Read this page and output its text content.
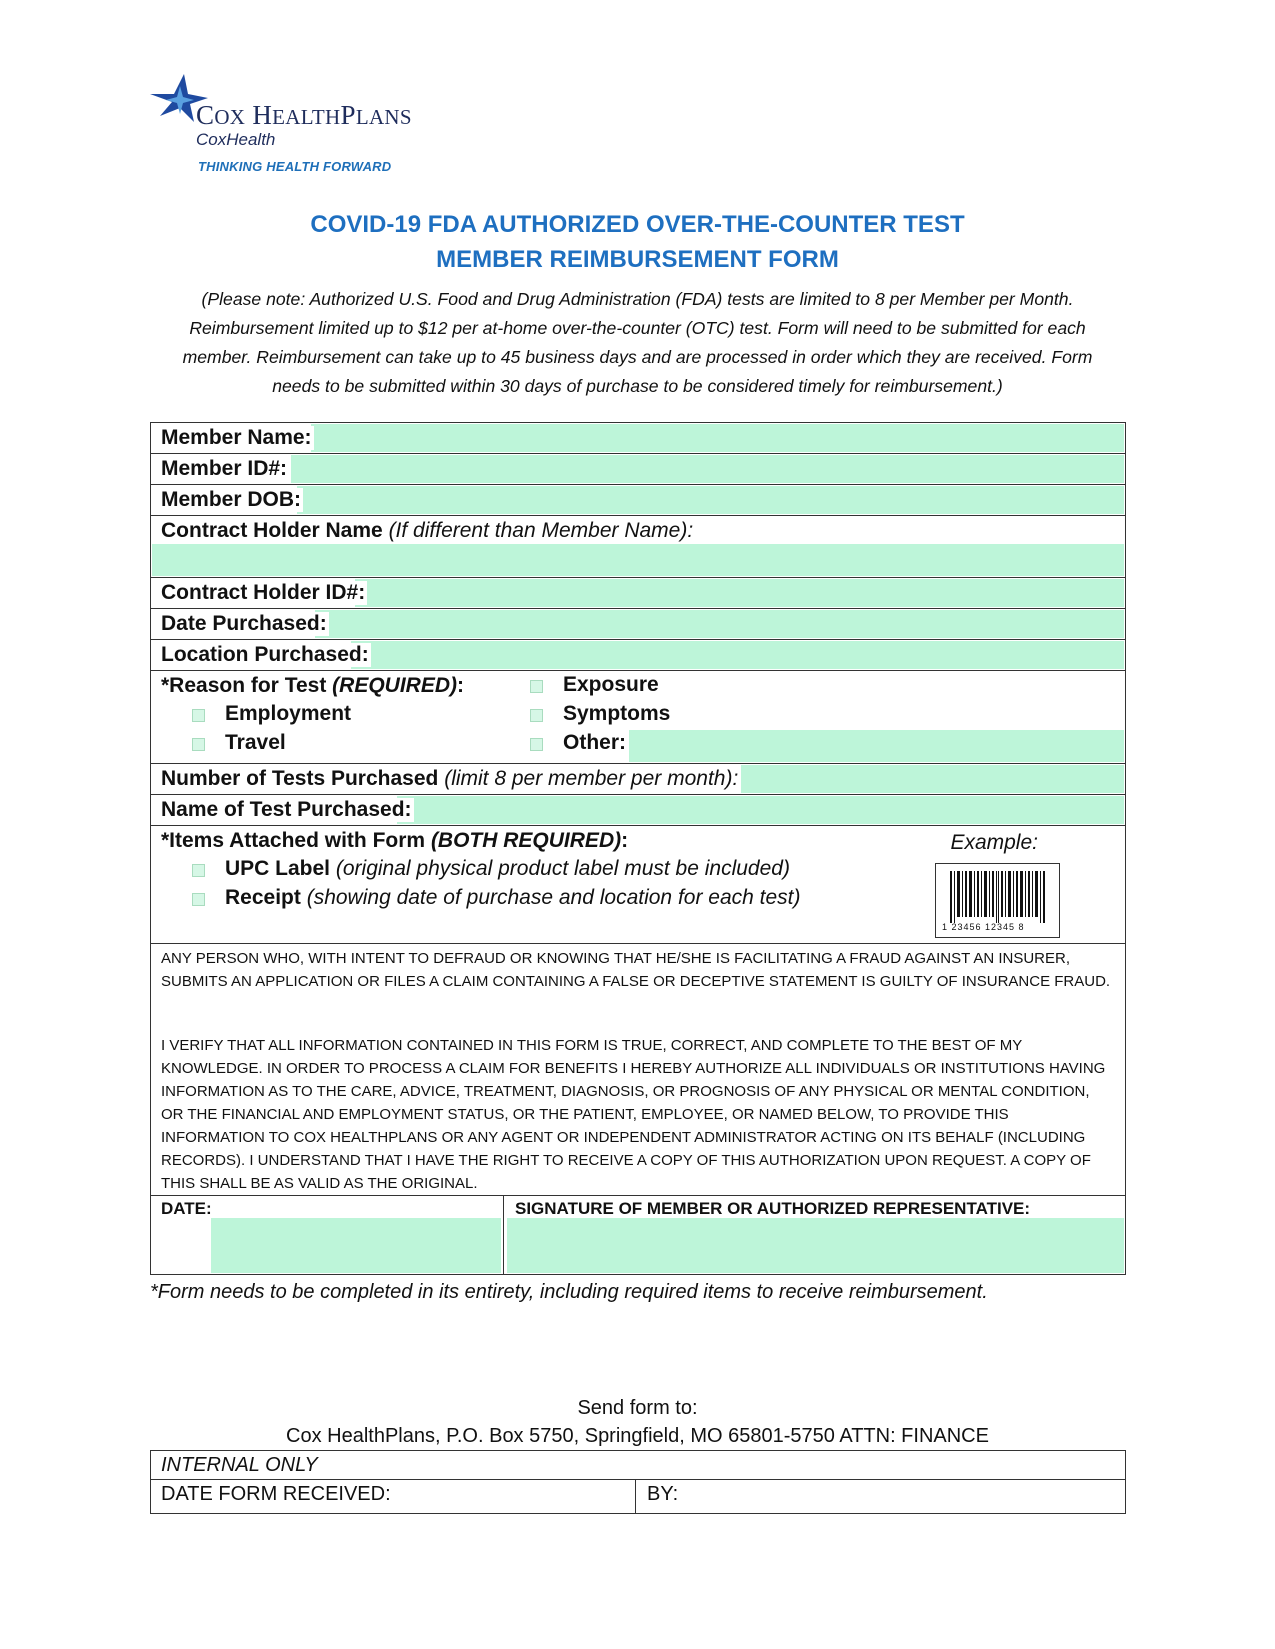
COX HEALTHPLANS
CoxHealth
THINKING HEALTH FORWARD
COVID-19 FDA AUTHORIZED OVER-THE-COUNTER TEST
MEMBER REIMBURSEMENT FORM
(Please note: Authorized U.S. Food and Drug Administration (FDA) tests are limited to 8 per Member per Month.
Reimbursement limited up to $12 per at-home over-the-counter (OTC) test. Form will need to be submitted for each
member. Reimbursement can take up to 45 business days and are processed in order which they are received. Form
needs to be submitted within 30 days of purchase to be considered timely for reimbursement.)
Member Name:
Member ID#:
Member DOB:
Contract Holder Name (If different than Member Name):
Contract Holder ID#:
Date Purchased:
Location Purchased:
*Reason for Test (REQUIRED):
Employment
Travel
Exposure
Symptoms
Other:
Number of Tests Purchased (limit 8 per member per month):
Name of Test Purchased:
*Items Attached with Form (BOTH REQUIRED):	Example:
UPC Label (original physical product label must be included)
Receipt (showing date of purchase and location for each test)
1 23456 12345 8

ANY PERSON WHO, WITH INTENT TO DEFRAUD OR KNOWING THAT HE/SHE IS FACILITATING A FRAUD AGAINST AN INSURER, SUBMITS AN APPLICATION OR FILES A CLAIM CONTAINING A FALSE OR DECEPTIVE STATEMENT IS GUILTY OF INSURANCE FRAUD.

I VERIFY THAT ALL INFORMATION CONTAINED IN THIS FORM IS TRUE, CORRECT, AND COMPLETE TO THE BEST OF MY KNOWLEDGE. IN ORDER TO PROCESS A CLAIM FOR BENEFITS I HEREBY AUTHORIZE ALL INDIVIDUALS OR INSTITUTIONS HAVING INFORMATION AS TO THE CARE, ADVICE, TREATMENT, DIAGNOSIS, OR PROGNOSIS OF ANY PHYSICAL OR MENTAL CONDITION, OR THE FINANCIAL AND EMPLOYMENT STATUS, OR THE PATIENT, EMPLOYEE, OR NAMED BELOW, TO PROVIDE THIS INFORMATION TO COX HEALTHPLANS OR ANY AGENT OR INDEPENDENT ADMINISTRATOR ACTING ON ITS BEHALF (INCLUDING RECORDS). I UNDERSTAND THAT I HAVE THE RIGHT TO RECEIVE A COPY OF THIS AUTHORIZATION UPON REQUEST. A COPY OF THIS SHALL BE AS VALID AS THE ORIGINAL.

DATE:	SIGNATURE OF MEMBER OR AUTHORIZED REPRESENTATIVE:
*Form needs to be completed in its entirety, including required items to receive reimbursement.
Send form to:
Cox HealthPlans, P.O. Box 5750, Springfield, MO 65801-5750 ATTN: FINANCE
INTERNAL ONLY
DATE FORM RECEIVED:	BY:
